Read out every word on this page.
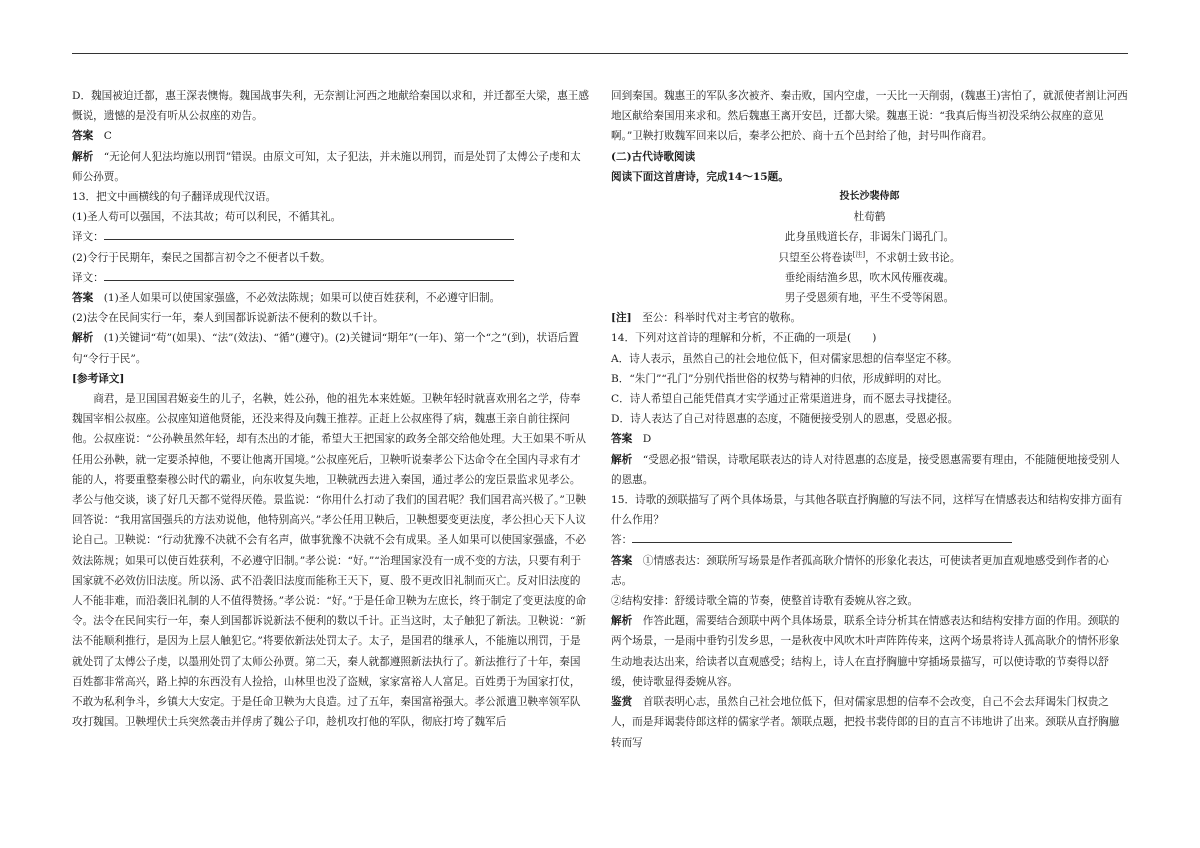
D．魏国被迫迁都，惠王深表懊悔。魏国战事失利，无奈割让河西之地献给秦国以求和，并迁都至大梁，惠王感慨说，遗憾的是没有听从公叔座的劝告。

答案　 C

解析　 “无论何人犯法均施以刑罚”错误。由原文可知，太子犯法，并未施以刑罚，而是处罚了太傅公子虔和太师公孙贾。

13．把文中画横线的句子翻译成现代汉语。

(1)圣人苟可以强国，不法其故；苟可以利民，不循其礼。

译文：

(2)令行于民期年，秦民之国都言初令之不便者以千数。

译文：

答案　 (1)圣人如果可以使国家强盛，不必效法陈规；如果可以使百姓获利，不必遵守旧制。

(2)法令在民间实行一年，秦人到国都诉说新法不便利的数以千计。

解析　 (1)关键词“苟”(如果)、“法”(效法)、“循”(遵守)。(2)关键词“期年”(一年)、第一个“之”(到)，状语后置句“令行于民”。

[参考译文]

商君，是卫国国君姬妾生的儿子，名鞅，姓公孙，他的祖先本来姓姬。卫鞅年轻时就喜欢刑名之学，侍奉魏国宰相公叔座。公叔座知道他贤能，还没来得及向魏王推荐。正赶上公叔座得了病，魏惠王亲自前往探问他。公叔座说：“公孙鞅虽然年轻，却有杰出的才能，希望大王把国家的政务全部交给他处理。大王如果不听从任用公孙鞅，就一定要杀掉他，不要让他离开国境。”公叔座死后，卫鞅听说秦孝公下达命令在全国内寻求有才能的人，将要重整秦穆公时代的霸业，向东收复失地，卫鞅就西去进入秦国，通过孝公的宠臣景监求见孝公。孝公与他交谈，谈了好几天都不觉得厌倦。景监说：“你用什么打动了我们的国君呢？我们国君高兴极了。”卫鞅回答说：“我用富国强兵的方法劝说他，他特别高兴。”孝公任用卫鞅后，卫鞅想要变更法度，孝公担心天下人议论自己。卫鞅说：“行动犹豫不决就不会有名声，做事犹豫不决就不会有成果。圣人如果可以使国家强盛，不必效法陈规；如果可以使百姓获利，不必遵守旧制。”孝公说：“好。”“治理国家没有一成不变的方法，只要有利于国家就不必效仿旧法度。所以汤、武不沿袭旧法度而能称王天下，夏、殷不更改旧礼制而灭亡。反对旧法度的人不能非难，而沿袭旧礼制的人不值得赞扬。”孝公说：“好。”于是任命卫鞅为左庶长，终于制定了变更法度的命令。法令在民间实行一年，秦人到国都诉说新法不便利的数以千计。正当这时，太子触犯了新法。卫鞅说：“新法不能顺利推行，是因为上层人触犯它。”将要依新法处罚太子。太子，是国君的继承人，不能施以刑罚，于是就处罚了太傅公子虔，以墨刑处罚了太师公孙贾。第二天，秦人就都遵照新法执行了。新法推行了十年，秦国百姓都非常高兴，路上掉的东西没有人捡拾，山林里也没了盗贼，家家富裕人人富足。百姓勇于为国家打仗，不敢为私利争斗，乡镇大大安定。于是任命卫鞅为大良造。过了五年，秦国富裕强大。孝公派遣卫鞅率领军队攻打魏国。卫鞅埋伏士兵突然袭击并俘虏了魏公子卬，趁机攻打他的军队，彻底打垮了魏军后

回到秦国。魏惠王的军队多次被齐、秦击败，国内空虚，一天比一天削弱，(魏惠王)害怕了，就派使者割让河西地区献给秦国用来求和。然后魏惠王离开安邑，迁都大梁。魏惠王说：“我真后悔当初没采纳公叔座的意见啊。”卫鞅打败魏军回来以后，秦孝公把於、商十五个邑封给了他，封号叫作商君。

(二)古代诗歌阅读

阅读下面这首唐诗，完成14～15题。

投长沙裴侍郎

杜荀鹤

此身虽贱道长存，非谒朱门谒孔门。

只望至公将卷读[注]，不求朝士致书论。

垂纶雨结渔乡思，吹木风传雁夜魂。

男子受恩须有地，平生不受等闲恩。

[注]　 至公：科举时代对主考官的敬称。

14．下列对这首诗的理解和分析，不正确的一项是(　　)

A．诗人表示，虽然自己的社会地位低下，但对儒家思想的信奉坚定不移。

B．“朱门”“孔门”分别代指世俗的权势与精神的归依，形成鲜明的对比。

C．诗人希望自己能凭借真才实学通过正常渠道进身，而不愿去寻找捷径。

D．诗人表达了自己对待恩惠的态度，不随便接受别人的恩惠，受恩必报。

答案　 D

解析　 “受恩必报”错误，诗歌尾联表达的诗人对待恩惠的态度是，接受恩惠需要有理由，不能随便地接受别人的恩惠。

15．诗歌的颈联描写了两个具体场景，与其他各联直抒胸臆的写法不同，这样写在情感表达和结构安排方面有什么作用？

答：

答案　 ①情感表达：颈联所写场景是作者孤高耿介情怀的形象化表达，可使读者更加直观地感受到作者的心志。

②结构安排：舒缓诗歌全篇的节奏，使整首诗歌有委婉从容之致。

解析　 作答此题，需要结合颈联中两个具体场景，联系全诗分析其在情感表达和结构安排方面的作用。颈联的两个场景，一是雨中垂钓引发乡思，一是秋夜中风吹木叶声阵阵传来，这两个场景将诗人孤高耿介的情怀形象生动地表达出来，给读者以直观感受；结构上，诗人在直抒胸臆中穿插场景描写，可以使诗歌的节奏得以舒缓，使诗歌显得委婉从容。

鉴赏　 首联表明心志，虽然自己社会地位低下，但对儒家思想的信奉不会改变，自己不会去拜谒朱门权贵之人，而是拜谒裴侍郎这样的儒家学者。颔联点题，把投书裴侍郎的目的直言不讳地讲了出来。颈联从直抒胸臆转而写
